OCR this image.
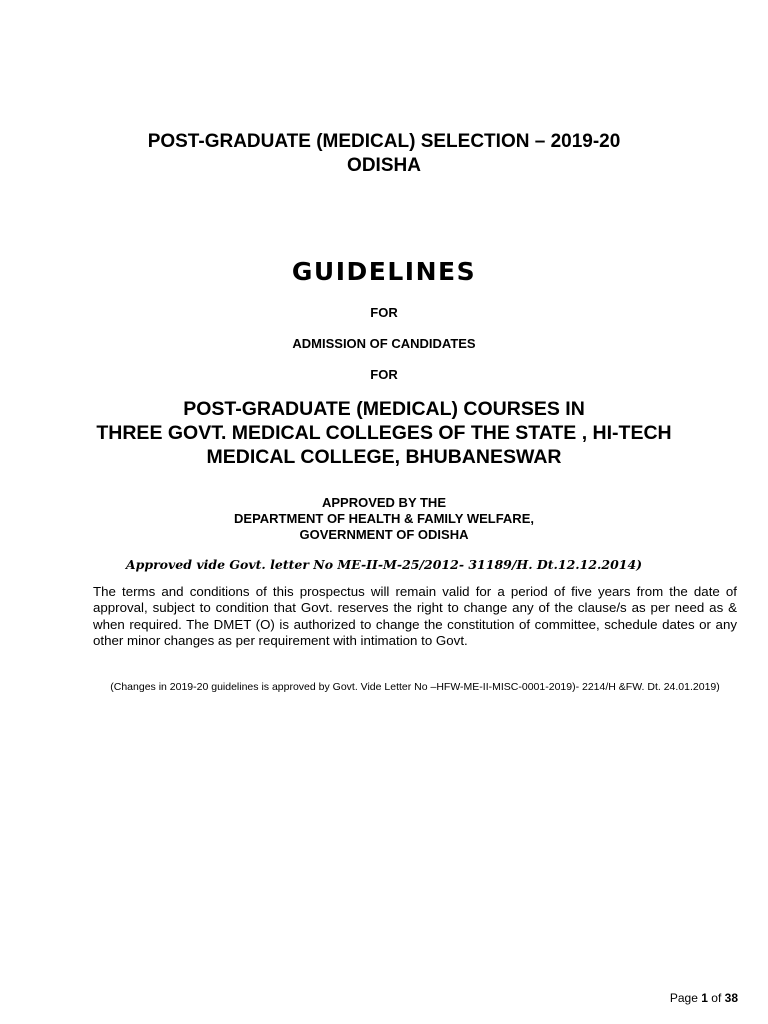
POST-GRADUATE (MEDICAL) SELECTION – 2019-20
ODISHA
GUIDELINES
FOR
ADMISSION OF CANDIDATES
FOR
POST-GRADUATE (MEDICAL) COURSES IN
THREE GOVT. MEDICAL COLLEGES OF THE STATE , HI-TECH
MEDICAL COLLEGE, BHUBANESWAR
APPROVED BY THE
DEPARTMENT OF HEALTH & FAMILY WELFARE,
GOVERNMENT OF ODISHA
Approved vide Govt. letter No ME-II-M-25/2012- 31189/H. Dt.12.12.2014)
The terms and conditions of this prospectus will remain valid for a period of five years from the date of approval, subject to condition that Govt. reserves the right to change any of the clause/s as per need as & when required. The DMET (O) is authorized to change the constitution of committee, schedule dates or any other minor changes as per requirement with intimation to Govt.
(Changes in 2019-20 guidelines is approved by Govt. Vide Letter No –HFW-ME-II-MISC-0001-2019)- 2214/H &FW. Dt. 24.01.2019)
Page 1 of 38
